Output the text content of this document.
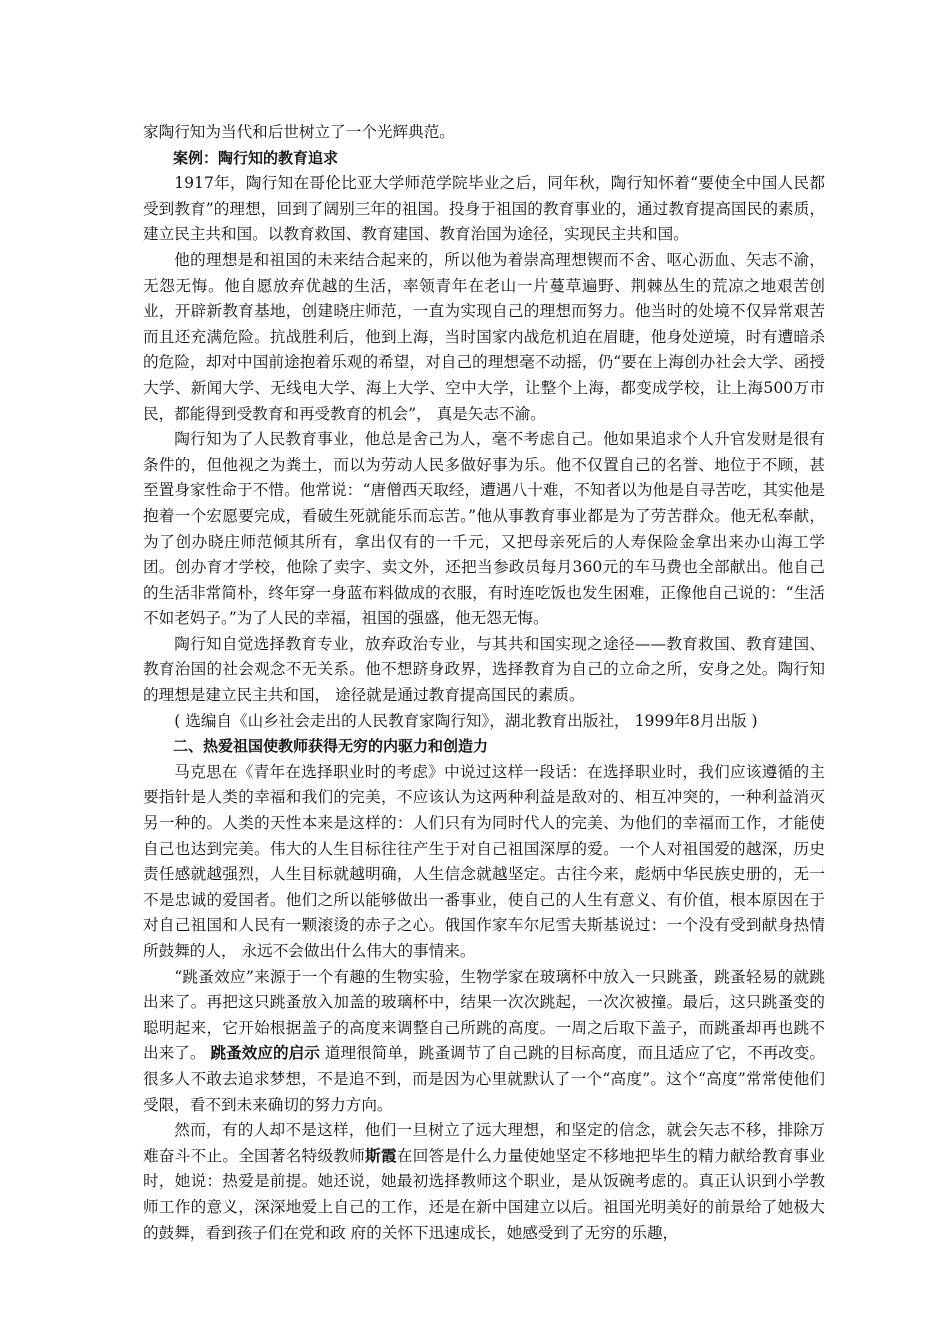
家陶行知为当代和后世树立了一个光辉典范。

案例：陶行知的教育追求

1917年，陶行知在哥伦比亚大学师范学院毕业之后，同年秋，陶行知怀着“要使全中国人民都受到教育”的理想，回到了阔别三年的祖国。投身于祖国的教育事业的，通过教育提高国民的素质，建立民主共和国。以教育救国、教育建国、教育治国为途径，实现民主共和国。

他的理想是和祖国的未来结合起来的，所以他为着崇高理想锲而不舍、呕心沥血、矢志不渝，无怨无悔。他自愿放弃优越的生活，率领青年在老山一片蔓草遍野、荆棘丛生的荒凉之地艰苦创业，开辟新教育基地，创建晓庄师范，一直为实现自己的理想而努力。他当时的处境不仅异常艰苦而且还充满危险。抗战胜利后，他到上海，当时国家内战危机迫在眉睫，他身处逆境，时有遭暗杀的危险，却对中国前途抱着乐观的希望，对自己的理想毫不动摇，仍“要在上海创办社会大学、函授大学、新闻大学、无线电大学、海上大学、空中大学，让整个上海，都变成学校，让上海500万市民，都能得到受教育和再受教育的机会”， 真是矢志不渝。

陶行知为了人民教育事业，他总是舍己为人，毫不考虑自己。他如果追求个人升官发财是很有条件的，但他视之为粪土，而以为劳动人民多做好事为乐。他不仅置自己的名誉、地位于不顾，甚至置身家性命于不惜。他常说：“唐僧西天取经，遭遇八十难，不知者以为他是自寻苦吃，其实他是抱着一个宏愿要完成，看破生死就能乐而忘苦。”他从事教育事业都是为了劳苦群众。他无私奉献，为了创办晓庄师范倾其所有，拿出仅有的一千元，又把母亲死后的人寿保险金拿出来办山海工学团。创办育才学校，他除了卖字、卖文外，还把当参政员每月360元的车马费也全部献出。他自己的生活非常简朴，终年穿一身蓝布料做成的衣服，有时连吃饭也发生困难，正像他自己说的：“生活不如老妈子。”为了人民的幸福，祖国的强盛，他无怨无悔。

陶行知自觉选择教育专业，放弃政治专业，与其共和国实现之途径——教育救国、教育建国、教育治国的社会观念不无关系。他不想跻身政界，选择教育为自己的立命之所，安身之处。陶行知的理想是建立民主共和国， 途径就是通过教育提高国民的素质。

( 选编自《山乡社会走出的人民教育家陶行知》，湖北教育出版社， 1999年8月出版 )

二、热爱祖国使教师获得无穷的内驱力和创造力

马克思在《青年在选择职业时的考虑》中说过这样一段话：在选择职业时，我们应该遵循的主要指针是人类的幸福和我们的完美，不应该认为这两种利益是敌对的、相互冲突的，一种利益消灭另一种的。人类的天性本来是这样的：人们只有为同时代人的完美、为他们的幸福而工作，才能使自己也达到完美。伟大的人生目标往往产生于对自己祖国深厚的爱。一个人对祖国爱的越深，历史责任感就越强烈，人生目标就越明确，人生信念就越坚定。古往今来，彪炳中华民族史册的，无一不是忠诚的爱国者。他们之所以能够做出一番事业，使自己的人生有意义、有价值，根本原因在于对自己祖国和人民有一颗滚烫的赤子之心。俄国作家车尔尼雪夫斯基说过：一个没有受到献身热情所鼓舞的人， 永远不会做出什么伟大的事情来。

“跳蚤效应”来源于一个有趣的生物实验，生物学家在玻璃杯中放入一只跳蚤，跳蚤轻易的就跳出来了。再把这只跳蚤放入加盖的玻璃杯中，结果一次次跳起，一次次被撞。最后，这只跳蚤变的聪明起来，它开始根据盖子的高度来调整自己所跳的高度。一周之后取下盖子，而跳蚤却再也跳不出来了。 跳蚤效应的启示 道理很简单，跳蚤调节了自己跳的目标高度，而且适应了它，不再改变。很多人不敢去追求梦想，不是追不到，而是因为心里就默认了一个“高度”。这个“高度”常常使他们受限，看不到未来确切的努力方向。

然而，有的人却不是这样，他们一旦树立了远大理想，和坚定的信念，就会矢志不移，排除万难奋斗不止。全国著名特级教师斯霞在回答是什么力量使她坚定不移地把毕生的精力献给教育事业时，她说：热爱是前提。她还说，她最初选择教师这个职业，是从饭碗考虑的。真正认识到小学教师工作的意义，深深地爱上自己的工作，还是在新中国建立以后。祖国光明美好的前景给了她极大的鼓舞，看到孩子们在党和政 府的关怀下迅速成长，她感受到了无穷的乐趣，
